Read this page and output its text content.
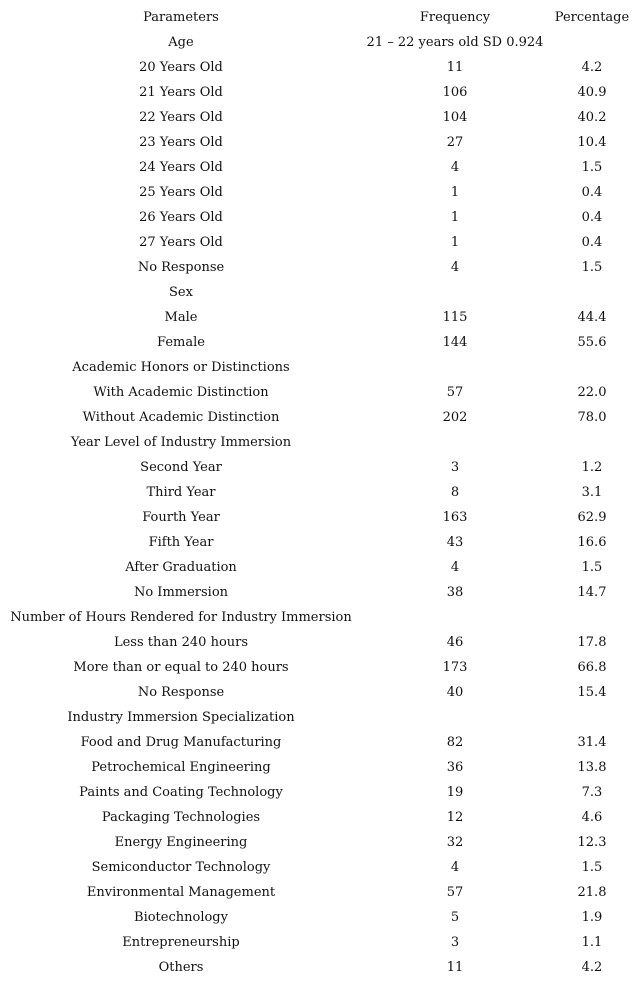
Parameters	Frequency	Percentage
Age	21 – 22 years old SD 0.924
20 Years Old	11	4.2
21 Years Old	106	40.9
22 Years Old	104	40.2
23 Years Old	27	10.4
24 Years Old	4	1.5
25 Years Old	1	0.4
26 Years Old	1	0.4
27 Years Old	1	0.4
No Response	4	1.5
Sex
Male	115	44.4
Female	144	55.6
Academic Honors or Distinctions
With Academic Distinction	57	22.0
Without Academic Distinction	202	78.0
Year Level of Industry Immersion
Second Year	3	1.2
Third Year	8	3.1
Fourth Year	163	62.9
Fifth Year	43	16.6
After Graduation	4	1.5
No Immersion	38	14.7
Number of Hours Rendered for Industry Immersion
Less than 240 hours	46	17.8
More than or equal to 240 hours	173	66.8
No Response	40	15.4
Industry Immersion Specialization
Food and Drug Manufacturing	82	31.4
Petrochemical Engineering	36	13.8
Paints and Coating Technology	19	7.3
Packaging Technologies	12	4.6
Energy Engineering	32	12.3
Semiconductor Technology	4	1.5
Environmental Management	57	21.8
Biotechnology	5	1.9
Entrepreneurship	3	1.1
Others	11	4.2
